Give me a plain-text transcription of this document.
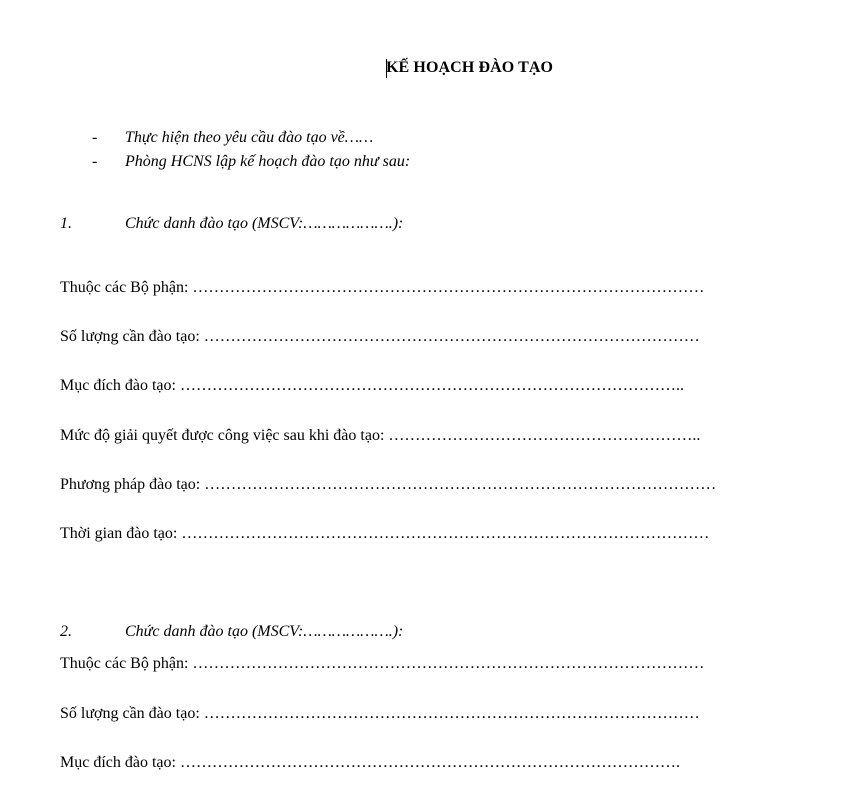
KẾ HOẠCH ĐÀO TẠO
- Thực hiện theo yêu cầu đào tạo về……
- Phòng HCNS lập kế hoạch đào tạo như sau:
1.	Chức danh đào tạo (MSCV:……………….):
Thuộc các Bộ phận: ……………………………………………………………………………………
Số lượng cần đào tạo: …………………………………………………………………………………
Mục đích đào tạo: …………………………………………………………………………………..
Mức độ giải quyết được công việc sau khi đào tạo: …………………………………………………..
Phương pháp đào tạo: ……………………………………………………………………………………
Thời gian đào tạo: ………………………………………………………………………………………
2.	Chức danh đào tạo (MSCV:……………….):
Thuộc các Bộ phận: ……………………………………………………………………………………
Số lượng cần đào tạo: …………………………………………………………………………………
Mục đích đào tạo: ………………………………………………………………………………….
